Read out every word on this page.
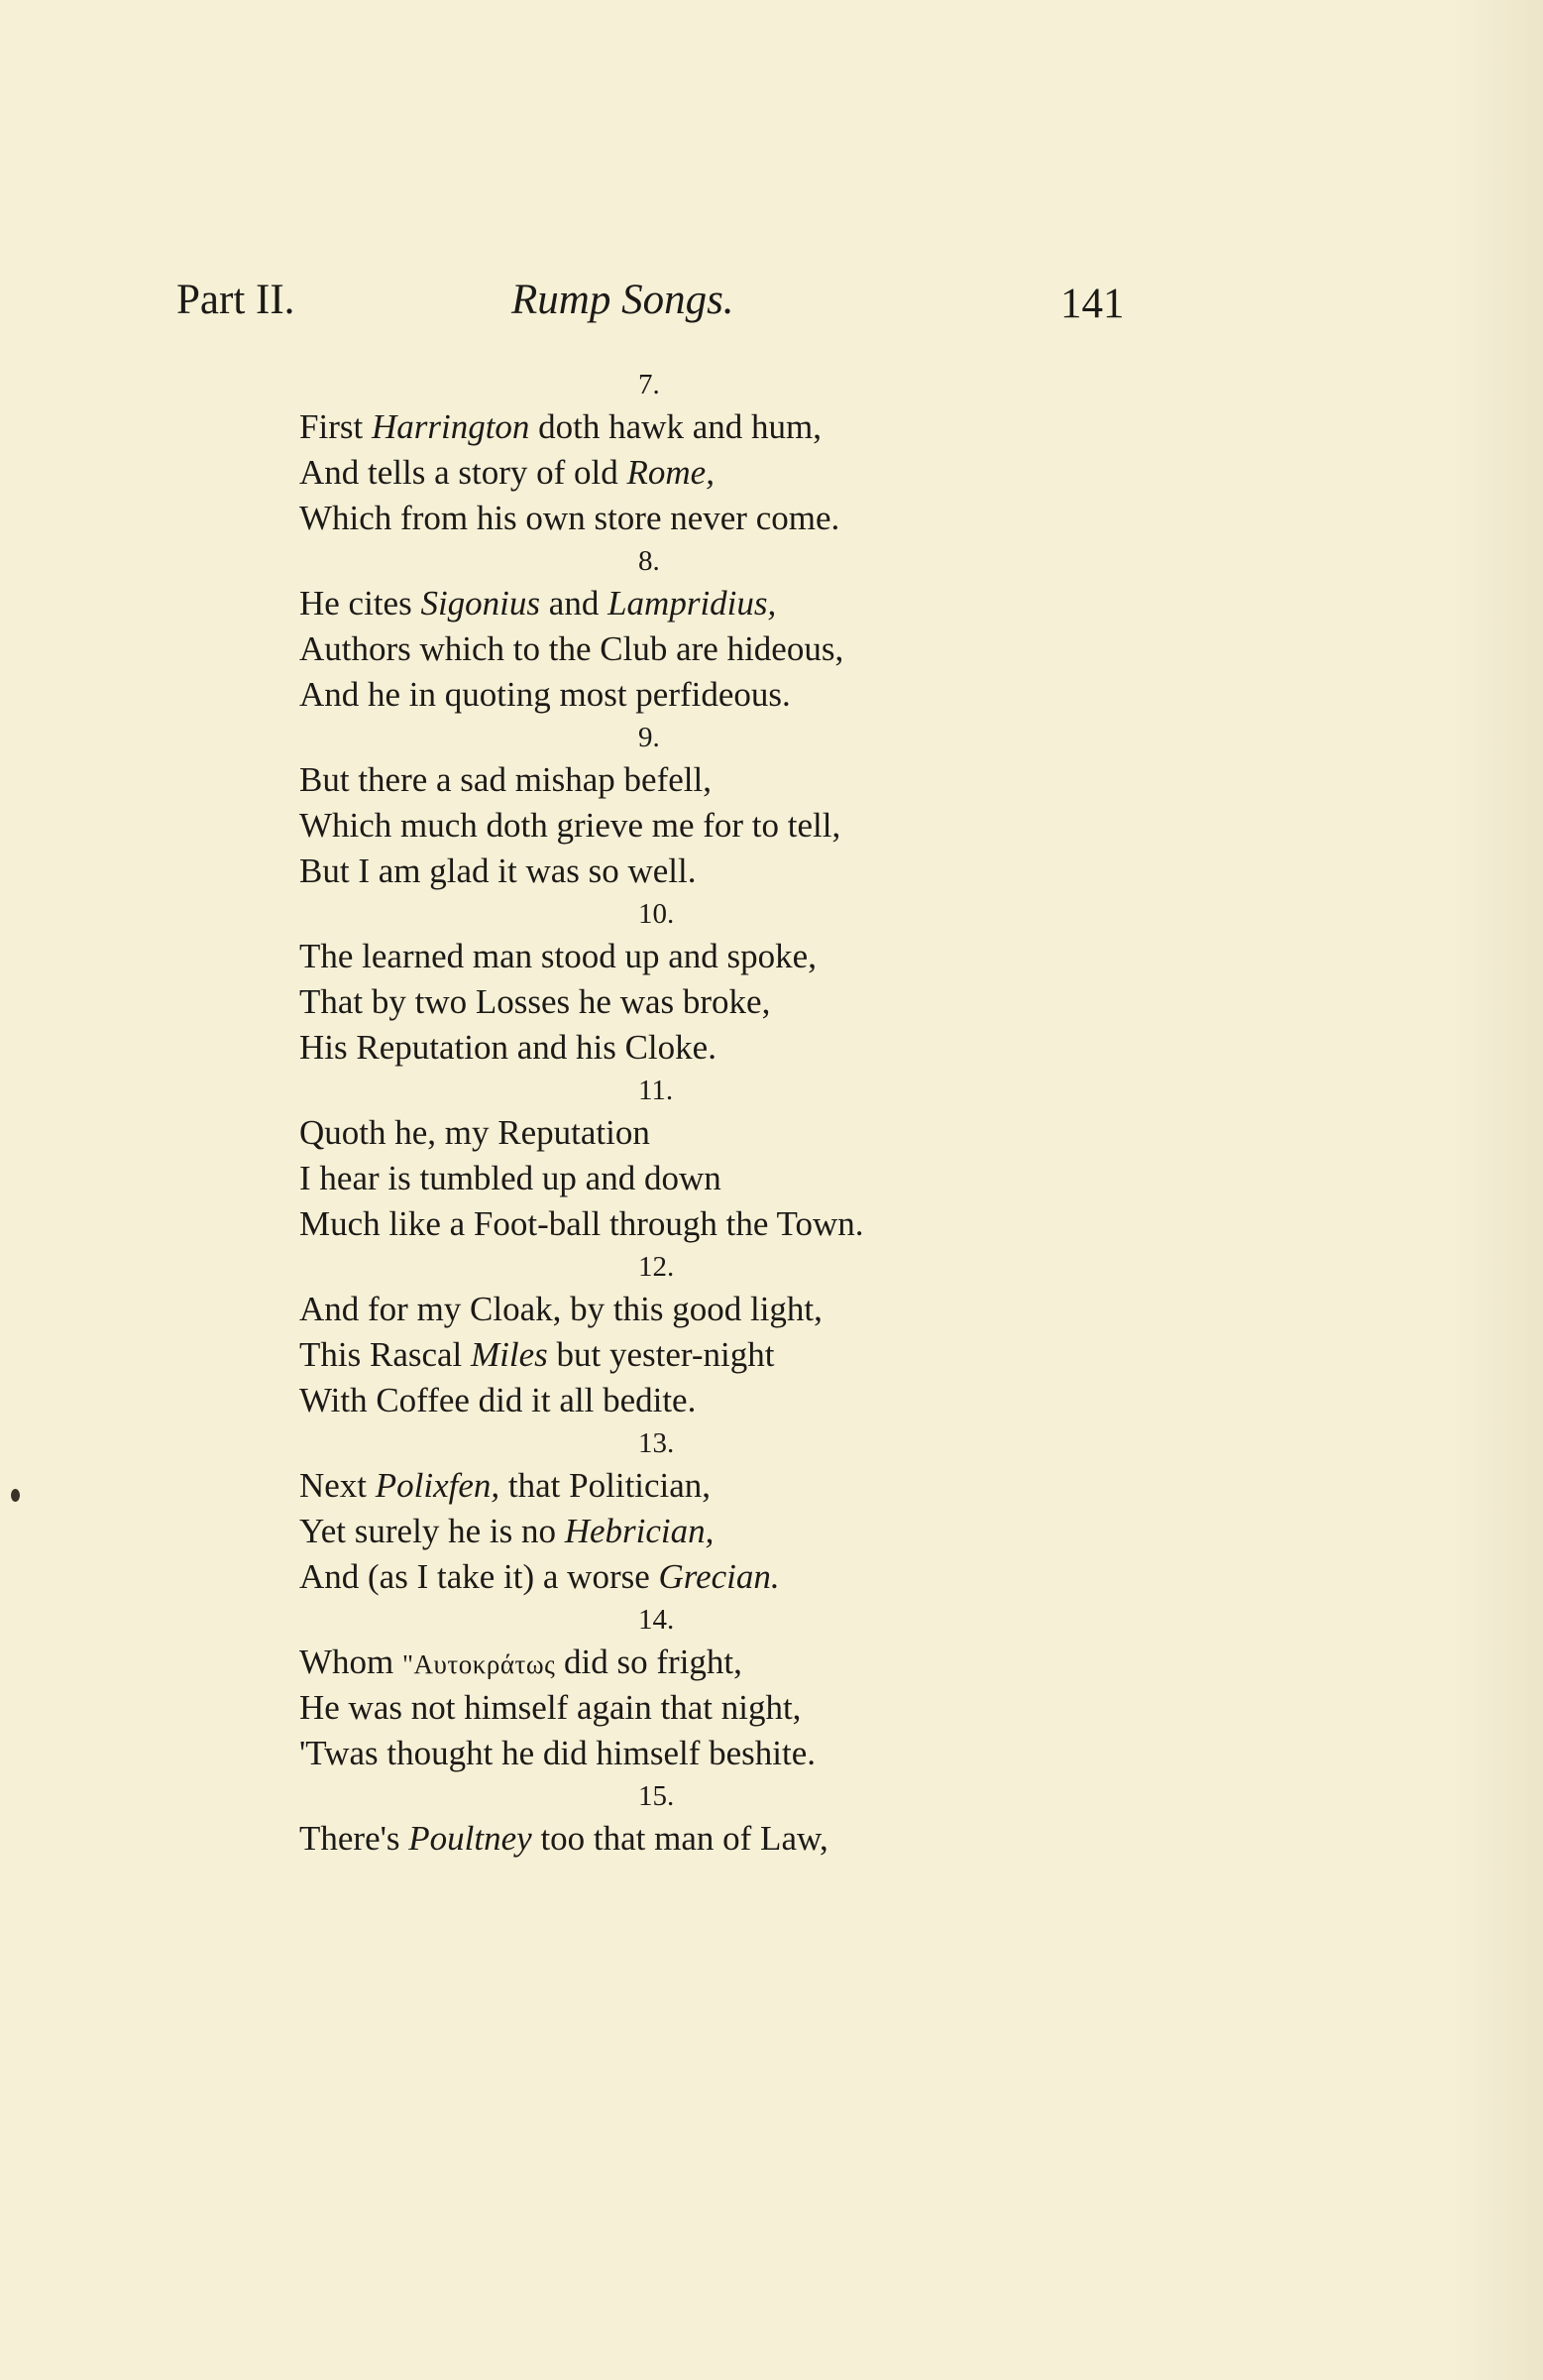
Part II.	Rump Songs.	141
7.
First Harrington doth hawk and hum,
And tells a story of old Rome,
Which from his own store never come.
8.
He cites Sigonius and Lampridius,
Authors which to the Club are hideous,
And he in quoting most perfideous.
9.
But there a sad mishap befell,
Which much doth grieve me for to tell,
But I am glad it was so well.
10.
The learned man stood up and spoke,
That by two Losses he was broke,
His Reputation and his Cloke.
11.
Quoth he, my Reputation
I hear is tumbled up and down
Much like a Foot-ball through the Town.
12.
And for my Cloak, by this good light,
This Rascal Miles but yester-night
With Coffee did it all bedite.
13.
Next Polixfen, that Politician,
Yet surely he is no Hebrician,
And (as I take it) a worse Grecian.
14.
Whom "Αυτοκράτως did so fright,
He was not himself again that night,
'Twas thought he did himself beshite.
15.
There's Poultney too that man of Law,
